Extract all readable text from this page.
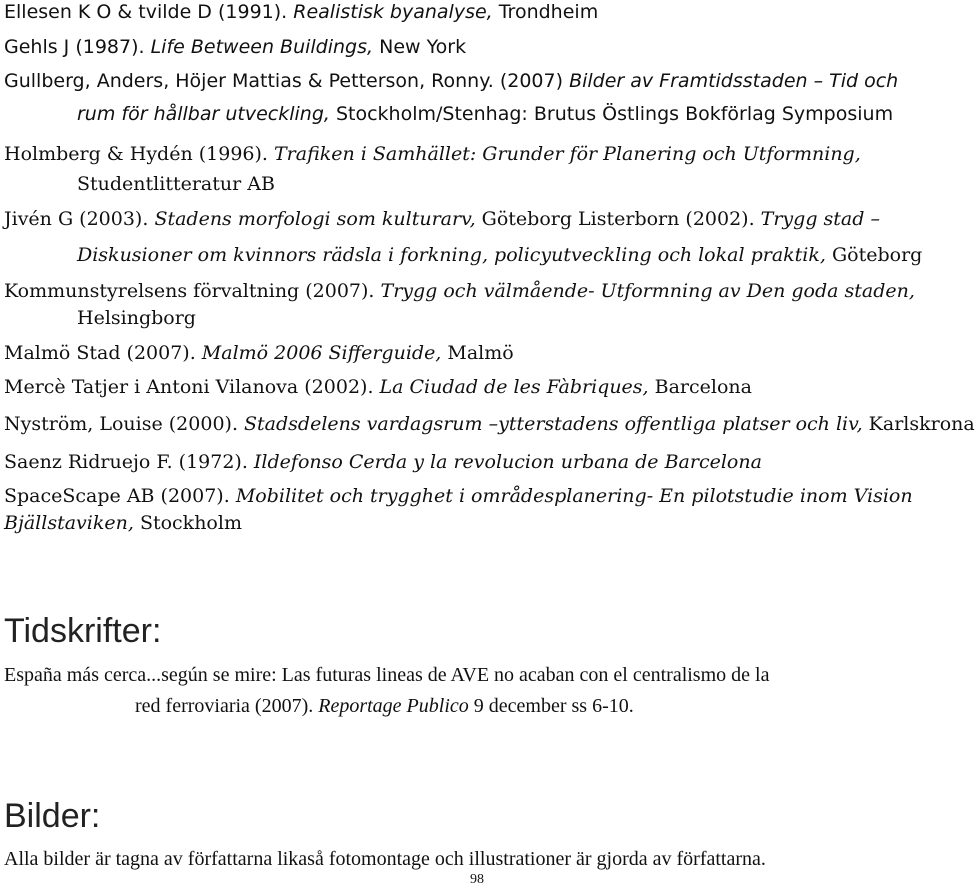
Ellesen K O & tvilde D (1991). Realistisk byanalyse, Trondheim
Gehls J (1987). Life Between Buildings, New York
Gullberg, Anders, Höjer Mattias & Petterson, Ronny. (2007) Bilder av Framtidsstaden – Tid och
rum för hållbar utveckling, Stockholm/Stenhag: Brutus Östlings Bokförlag Symposium
Holmberg & Hydén (1996). Trafiken i Samhället: Grunder för Planering och Utformning,
Studentlitteratur AB
Jivén G (2003). Stadens morfologi som kulturarv, Göteborg Listerborn (2002). Trygg stad –
Diskusioner om kvinnors rädsla i forkning, policyutveckling och lokal praktik, Göteborg
Kommunstyrelsens förvaltning (2007). Trygg och välmående- Utformning av Den goda staden,
Helsingborg
Malmö Stad (2007). Malmö 2006 Sifferguide, Malmö
Mercè Tatjer i Antoni Vilanova (2002). La Ciudad de les Fàbriques, Barcelona
Nyström, Louise (2000). Stadsdelens vardagsrum –ytterstadens offentliga platser och liv, Karlskrona
Saenz Ridruejo F. (1972). Ildefonso Cerda y la revolucion urbana de Barcelona
SpaceScape AB (2007). Mobilitet och trygghet i områdesplanering- En pilotstudie inom Vision
Bjällstaviken, Stockholm
Tidskrifter:
España más cerca...según se mire: Las futuras lineas de AVE no acaban con el centralismo de la
red ferroviaria (2007). Reportage Publico 9 december ss 6-10.
Bilder:
Alla bilder är tagna av författarna likaså fotomontage och illustrationer är gjorda av författarna.
98
